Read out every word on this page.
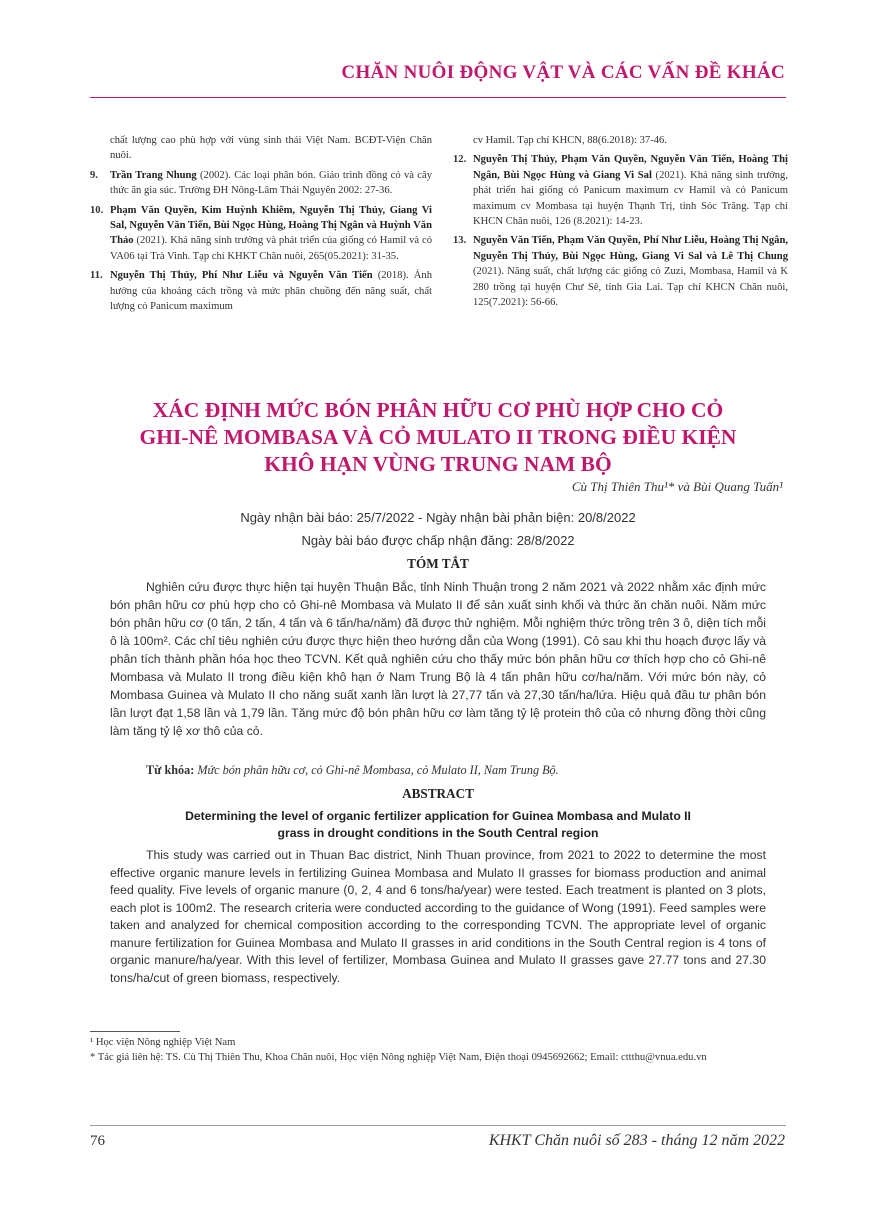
CHĂN NUÔI ĐỘNG VẬT VÀ CÁC VẤN ĐỀ KHÁC
chất lượng cao phù hợp với vùng sinh thái Việt Nam. BCĐT-Viện Chăn nuôi.
9. Trần Trang Nhung (2002). Các loại phân bón. Giáo trình đồng cỏ và cây thức ăn gia súc. Trường ĐH Nông-Lâm Thái Nguyên 2002: 27-36.
10. Phạm Văn Quyền, Kim Huỳnh Khiêm, Nguyễn Thị Thủy, Giang Vi Sal, Nguyễn Văn Tiến, Bùi Ngọc Hùng, Hoàng Thị Ngân và Huỳnh Văn Thảo (2021). Khả năng sinh trưởng và phát triển của giống cỏ Hamil và cỏ VA06 tại Trà Vinh. Tạp chí KHKT Chăn nuôi, 265(05.2021): 31-35.
11. Nguyễn Thị Thủy, Phí Như Liễu và Nguyễn Văn Tiến (2018). Ảnh hưởng của khoảng cách trồng và mức phân chuồng đến năng suất, chất lượng cỏ Panicum maximum
cv Hamil. Tạp chí KHCN, 88(6.2018): 37-46.
12. Nguyễn Thị Thủy, Phạm Văn Quyền, Nguyễn Văn Tiến, Hoàng Thị Ngân, Bùi Ngọc Hùng và Giang Vi Sal (2021). Khả năng sinh trưởng, phát triển hai giống cỏ Panicum maximum cv Hamil và cỏ Panicum maximum cv Mombasa tại huyện Thạnh Trị, tỉnh Sóc Trăng. Tạp chí KHCN Chăn nuôi, 126 (8.2021): 14-23.
13. Nguyễn Văn Tiến, Phạm Văn Quyền, Phí Như Liễu, Hoàng Thị Ngân, Nguyễn Thị Thủy, Bùi Ngọc Hùng, Giang Vi Sal và Lê Thị Chung (2021). Năng suất, chất lượng các giống cỏ Zuzi, Mombasa, Hamil và K 280 trồng tại huyện Chư Sê, tỉnh Gia Lai. Tạp chí KHCN Chăn nuôi, 125(7.2021): 56-66.
XÁC ĐỊNH MỨC BÓN PHÂN HỮU CƠ PHÙ HỢP CHO CỎ
GHI-NÊ MOMBASA VÀ CỎ MULATO II TRONG ĐIỀU KIỆN
KHÔ HẠN VÙNG TRUNG NAM BỘ
Cù Thị Thiên Thu¹* và Bùi Quang Tuấn¹
Ngày nhận bài báo: 25/7/2022 - Ngày nhận bài phản biện: 20/8/2022
Ngày bài báo được chấp nhận đăng: 28/8/2022
TÓM TẮT
Nghiên cứu được thực hiện tại huyện Thuận Bắc, tỉnh Ninh Thuận trong 2 năm 2021 và 2022 nhằm xác định mức bón phân hữu cơ phù hợp cho cỏ Ghi-nê Mombasa và Mulato II để sản xuất sinh khối và thức ăn chăn nuôi. Năm mức bón phân hữu cơ (0 tấn, 2 tấn, 4 tấn và 6 tấn/ha/năm) đã được thử nghiệm. Mỗi nghiệm thức trồng trên 3 ô, diện tích mỗi ô là 100m². Các chỉ tiêu nghiên cứu được thực hiện theo hướng dẫn của Wong (1991). Cỏ sau khi thu hoạch được lấy và phân tích thành phần hóa học theo TCVN. Kết quả nghiên cứu cho thấy mức bón phân hữu cơ thích hợp cho cỏ Ghi-nê Mombasa và Mulato II trong điều kiện khô hạn ở Nam Trung Bộ là 4 tấn phân hữu cơ/ha/năm. Với mức bón này, cỏ Mombasa Guinea và Mulato II cho năng suất xanh lần lượt là 27,77 tấn và 27,30 tấn/ha/lứa. Hiệu quả đầu tư phân bón lần lượt đạt 1,58 lần và 1,79 lần. Tăng mức độ bón phân hữu cơ làm tăng tỷ lệ protein thô của cỏ nhưng đồng thời cũng làm tăng tỷ lệ xơ thô của cỏ.
Từ khóa: Mức bón phân hữu cơ, cỏ Ghi-nê Mombasa, cỏ Mulato II, Nam Trung Bộ.
ABSTRACT
Determining the level of organic fertilizer application for Guinea Mombasa and Mulato II
grass in drought conditions in the South Central region
This study was carried out in Thuan Bac district, Ninh Thuan province, from 2021 to 2022 to determine the most effective organic manure levels in fertilizing Guinea Mombasa and Mulato II grasses for biomass production and animal feed quality. Five levels of organic manure (0, 2, 4 and 6 tons/ha/year) were tested. Each treatment is planted on 3 plots, each plot is 100m2. The research criteria were conducted according to the guidance of Wong (1991). Feed samples were taken and analyzed for chemical composition according to the corresponding TCVN. The appropriate level of organic manure fertilization for Guinea Mombasa and Mulato II grasses in arid conditions in the South Central region is 4 tons of organic manure/ha/year. With this level of fertilizer, Mombasa Guinea and Mulato II grasses gave 27.77 tons and 27.30 tons/ha/cut of green biomass, respectively.
¹ Học viện Nông nghiệp Việt Nam
* Tác giả liên hệ: TS. Cù Thị Thiên Thu, Khoa Chăn nuôi, Học viện Nông nghiệp Việt Nam, Điện thoại 0945692662; Email: cttthu@vnua.edu.vn
76	KHKT Chăn nuôi số 283 - tháng 12 năm 2022
